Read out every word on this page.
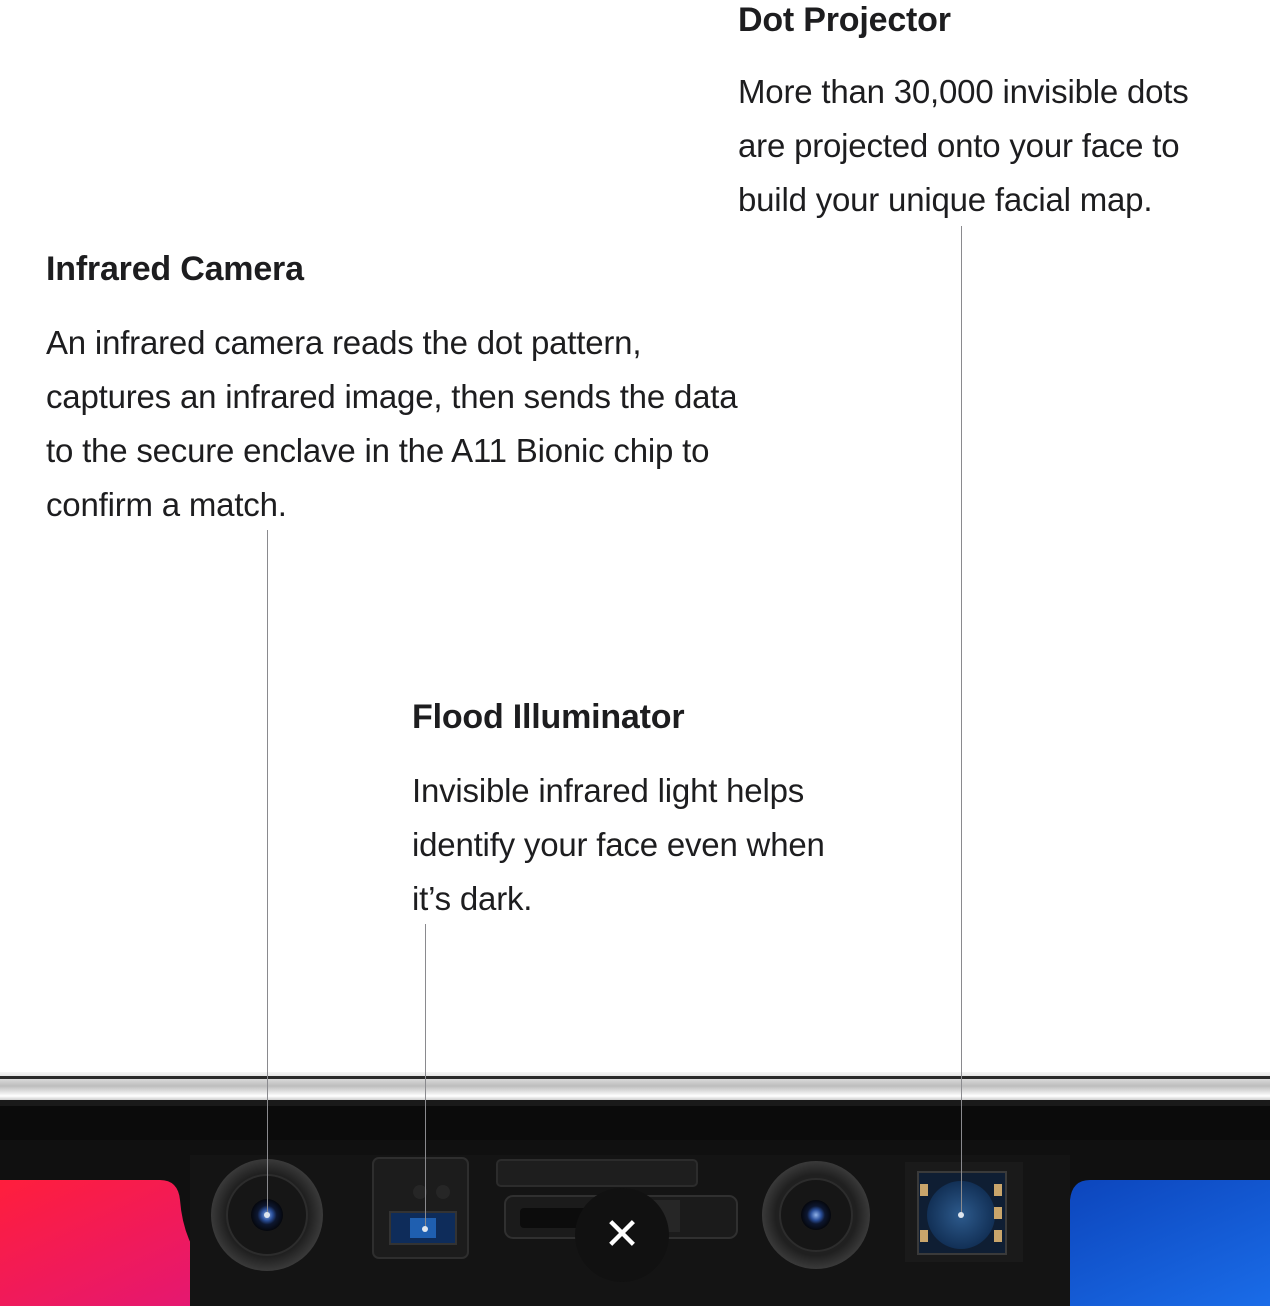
Dot Projector

More than 30,000 invisible dots
are projected onto your face to
build your unique facial map.

Infrared Camera

An infrared camera reads the dot pattern,
captures an infrared image, then sends the data
to the secure enclave in the A11 Bionic chip to
confirm a match.

Flood Illuminator

Invisible infrared light helps
identify your face even when
it’s dark.

✕
